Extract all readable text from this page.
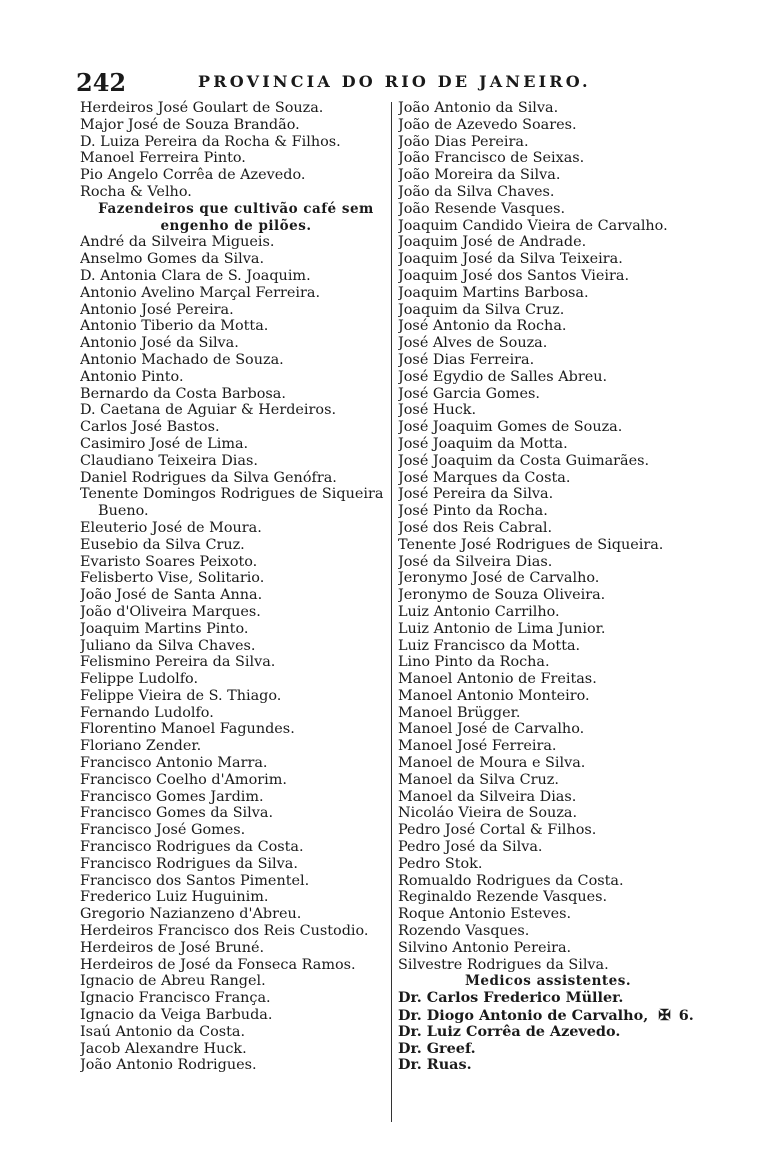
242	PROVINCIA DO RIO DE JANEIRO.
Herdeiros José Goulart de Souza.
Major José de Souza Brandão.
D. Luiza Pereira da Rocha & Filhos.
Manoel Ferreira Pinto.
Pio Angelo Corrêa de Azevedo.
Rocha & Velho.
Fazendeiros que cultivão café sem
engenho de pilões.
André da Silveira Migueis.
Anselmo Gomes da Silva.
D. Antonia Clara de S. Joaquim.
Antonio Avelino Marçal Ferreira.
Antonio José Pereira.
Antonio Tiberio da Motta.
Antonio José da Silva.
Antonio Machado de Souza.
Antonio Pinto.
Bernardo da Costa Barbosa.
D. Caetana de Aguiar & Herdeiros.
Carlos José Bastos.
Casimiro José de Lima.
Claudiano Teixeira Dias.
Daniel Rodrigues da Silva Genófra.
Tenente Domingos Rodrigues de Siqueira
Bueno.
Eleuterio José de Moura.
Eusebio da Silva Cruz.
Evaristo Soares Peixoto.
Felisberto Vise, Solitario.
João José de Santa Anna.
João d'Oliveira Marques.
Joaquim Martins Pinto.
Juliano da Silva Chaves.
Felismino Pereira da Silva.
Felippe Ludolfo.
Felippe Vieira de S. Thiago.
Fernando Ludolfo.
Florentino Manoel Fagundes.
Floriano Zender.
Francisco Antonio Marra.
Francisco Coelho d'Amorim.
Francisco Gomes Jardim.
Francisco Gomes da Silva.
Francisco José Gomes.
Francisco Rodrigues da Costa.
Francisco Rodrigues da Silva.
Francisco dos Santos Pimentel.
Frederico Luiz Huguinim.
Gregorio Nazianzeno d'Abreu.
Herdeiros Francisco dos Reis Custodio.
Herdeiros de José Bruné.
Herdeiros de José da Fonseca Ramos.
Ignacio de Abreu Rangel.
Ignacio Francisco França.
Ignacio da Veiga Barbuda.
Isaú Antonio da Costa.
Jacob Alexandre Huck.
João Antonio Rodrigues.
João Antonio da Silva.
João de Azevedo Soares.
João Dias Pereira.
João Francisco de Seixas.
João Moreira da Silva.
João da Silva Chaves.
João Resende Vasques.
Joaquim Candido Vieira de Carvalho.
Joaquim José de Andrade.
Joaquim José da Silva Teixeira.
Joaquim José dos Santos Vieira.
Joaquim Martins Barbosa.
Joaquim da Silva Cruz.
José Antonio da Rocha.
José Alves de Souza.
José Dias Ferreira.
José Egydio de Salles Abreu.
José Garcia Gomes.
José Huck.
José Joaquim Gomes de Souza.
José Joaquim da Motta.
José Joaquim da Costa Guimarães.
José Marques da Costa.
José Pereira da Silva.
José Pinto da Rocha.
José dos Reis Cabral.
Tenente José Rodrigues de Siqueira.
José da Silveira Dias.
Jeronymo José de Carvalho.
Jeronymo de Souza Oliveira.
Luiz Antonio Carrilho.
Luiz Antonio de Lima Junior.
Luiz Francisco da Motta.
Lino Pinto da Rocha.
Manoel Antonio de Freitas.
Manoel Antonio Monteiro.
Manoel Brügger.
Manoel José de Carvalho.
Manoel José Ferreira.
Manoel de Moura e Silva.
Manoel da Silva Cruz.
Manoel da Silveira Dias.
Nicoláo Vieira de Souza.
Pedro José Cortal & Filhos.
Pedro José da Silva.
Pedro Stok.
Romualdo Rodrigues da Costa.
Reginaldo Rezende Vasques.
Roque Antonio Esteves.
Rozendo Vasques.
Silvino Antonio Pereira.
Silvestre Rodrigues da Silva.
Medicos assistentes.
Dr. Carlos Frederico Müller.
Dr. Diogo Antonio de Carvalho, ✠ 6.
Dr. Luiz Corrêa de Azevedo.
Dr. Greef.
Dr. Ruas.
